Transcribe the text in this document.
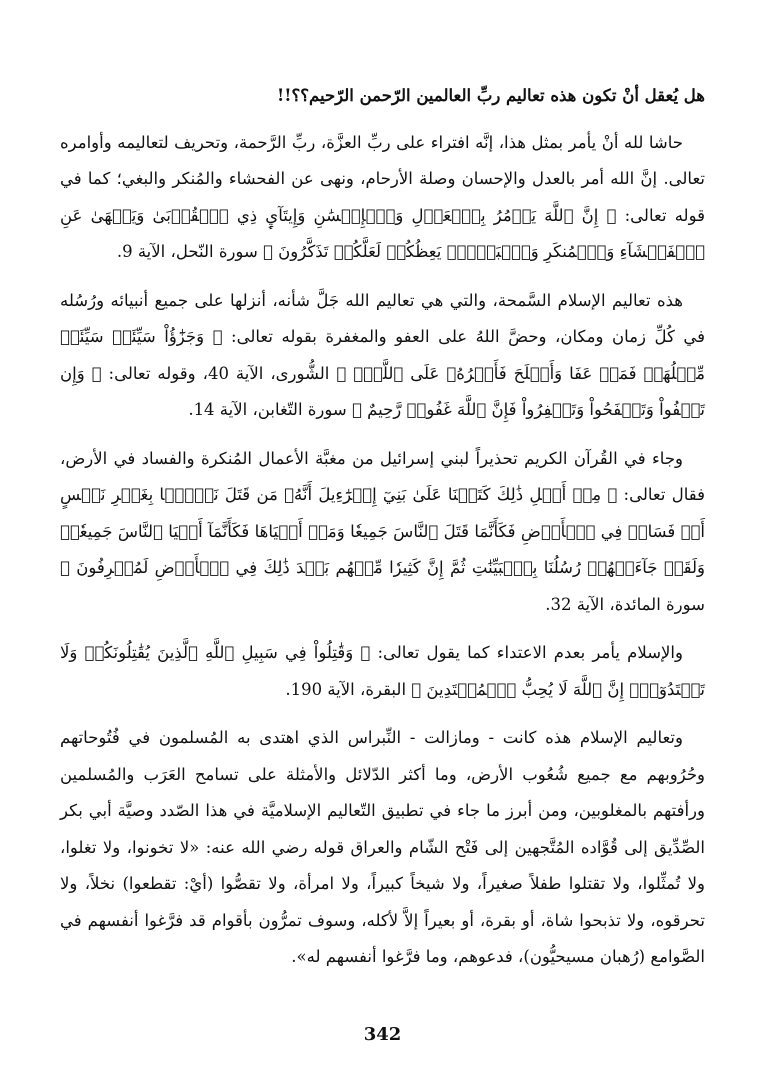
هل يُعقل أنْ تكون هذه تعاليم ربِّ العالمين الرّحمن الرّحيم؟؟!!

حاشا لله أنْ يأمر بمثل هذا، إنَّه افتراء على ربِّ العزَّة، ربِّ الرَّحمة، وتحريف لتعاليمه وأوامره تعالى. إنَّ الله أمر بالعدل والإحسان وصلة الأرحام، ونهى عن الفحشاء والمُنكر والبغي؛ كما في قوله تعالى: ﴿ إِنَّ ٱللَّهَ يَأۡمُرُ بِٱلۡعَدۡلِ وَٱلۡإِحۡسَٰنِ وَإِيتَآيِٕ ذِي ٱلۡقُرۡبَىٰ وَيَنۡهَىٰ عَنِ ٱلۡفَحۡشَآءِ وَٱلۡمُنكَرِ وَٱلۡبَغۡيِۚ يَعِظُكُمۡ لَعَلَّكُمۡ تَذَكَّرُونَ ﴾ سورة النّحل، الآية 9.

هذه تعاليم الإسلام السَّمحة، والتي هي تعاليم الله جَلَّ شأنه، أنزلها على جميع أنبيائه ورُسُله في كُلِّ زمان ومكان، وحضَّ اللهُ على العفو والمغفرة بقوله تعالى: ﴿ وَجَزَٰٓؤُاْ سَيِّئَةٖ سَيِّئَةٞ مِّثۡلُهَاۖ فَمَنۡ عَفَا وَأَصۡلَحَ فَأَجۡرُهُۥ عَلَى ٱللَّهِۚ ﴾ الشُّورى، الآية 40، وقوله تعالى: ﴿ وَإِن تَعۡفُواْ وَتَصۡفَحُواْ وَتَغۡفِرُواْ فَإِنَّ ٱللَّهَ غَفُورٞ رَّحِيمٌ ﴾ سورة التّغابن، الآية 14.

وجاء في القُرآن الكريم تحذيراً لبني إسرائيل من مغبَّة الأعمال المُنكرة والفساد في الأرض، فقال تعالى: ﴿ مِنۡ أَجۡلِ ذَٰلِكَ كَتَبۡنَا عَلَىٰ بَنِيٓ إِسۡرَٰٓءِيلَ أَنَّهُۥ مَن قَتَلَ نَفۡسَۢا بِغَيۡرِ نَفۡسٍ أَوۡ فَسَادٖ فِي ٱلۡأَرۡضِ فَكَأَنَّمَا قَتَلَ ٱلنَّاسَ جَمِيعٗا وَمَنۡ أَحۡيَاهَا فَكَأَنَّمَآ أَحۡيَا ٱلنَّاسَ جَمِيعٗاۚ وَلَقَدۡ جَآءَتۡهُمۡ رُسُلُنَا بِٱلۡبَيِّنَٰتِ ثُمَّ إِنَّ كَثِيرٗا مِّنۡهُم بَعۡدَ ذَٰلِكَ فِي ٱلۡأَرۡضِ لَمُسۡرِفُونَ ﴾ سورة المائدة، الآية 32.

والإسلام يأمر بعدم الاعتداء كما يقول تعالى: ﴿ وَقَٰتِلُواْ فِي سَبِيلِ ٱللَّهِ ٱلَّذِينَ يُقَٰتِلُونَكُمۡ وَلَا تَعۡتَدُوٓاْۚ إِنَّ ٱللَّهَ لَا يُحِبُّ ٱلۡمُعۡتَدِينَ ﴾ البقرة، الآية 190.

وتعاليم الإسلام هذه كانت - ومازالت - النِّبراس الذي اهتدى به المُسلمون في فُتُوحاتهم وحُرُوبهم مع جميع شُعُوب الأرض، وما أكثر الدّلائل والأمثلة على تسامح العَرَب والمُسلمين ورأفتهم بالمغلوبين، ومن أبرز ما جاء في تطبيق التّعاليم الإسلاميَّة في هذا الصّدد وصيَّة أبي بكر الصِّدِّيق إلى قُوَّاده المُتَّجهين إلى فَتْح الشّام والعراق قوله رضي الله عنه: «لا تخونوا، ولا تغلوا، ولا تُمثِّلوا، ولا تقتلوا طفلاً صغيراً، ولا شيخاً كبيراً، ولا امرأة، ولا تقصُّوا (أيْ: تقطعوا) نخلاً، ولا تحرقوه، ولا تذبحوا شاة، أو بقرة، أو بعيراً إلاَّ لأكله، وسوف تمرُّون بأقوام قد فرَّغوا أنفسهم في الصَّوامع (رُهبان مسيحيُّون)، فدعوهم، وما فرَّغوا أنفسهم له».

342
